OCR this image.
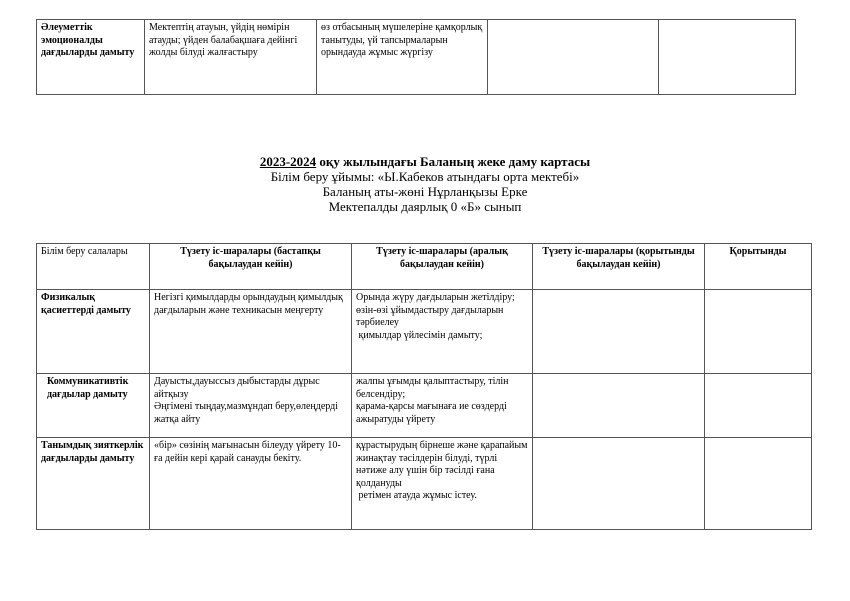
Әлеуметтік эмоционалды дағдыларды дамыту	Мектептің атауын, үйдің нөмірін атауды; үйден балабақшаға дейінгі жолды білуді жалғастыру	өз отбасының мүшелеріне қамқорлық танытуды, үй тапсырмаларын орындауда жұмыс жүргізу		
2023-2024 оқу жылындағы Баланың жеке даму картасы
Білім беру ұйымы: «Ы.Кабеков атындағы орта мектебі»
Баланың аты-жөні Нұрланқызы Ерке
Мектепалды даярлық 0 «Б» сынып
Білім беру салалары	Түзету іс-шаралары (бастапқы бақылаудан кейін)	Түзету іс-шаралары (аралық бақылаудан кейін)	Түзету іс-шаралары (қорытынды бақылаудан кейін)	Қорытынды
Физикалық қасиеттерді дамыту	Негізгі қимылдарды орындаудың қимылдық дағдыларын және техникасын меңгерту	Орында жүру дағдыларын жетілдіру;
өзін-өзі ұйымдастыру дағдыларын тәрбиелеу
қимылдар үйлесімін дамыту;		

Коммуникативтік дағдылар дамыту	Дауысты,дауыссыз дыбыстарды дұрыс айтқызу
Әңгімені тыңдау,мазмұндап беру,өлеңдерді жатқа айту	жалпы ұғымды қалыптастыру, тілін белсендіру;
қарама-қарсы мағынаға ие сөздерді ажыратуды үйрету		

Танымдық зияткерлік дағдыларды дамыту	«бір» сөзінің мағынасын білеуду үйрету 10-ға дейін кері қарай санауды бекіту.	құрастырудың бірнеше және қарапайым жинақтау тәсілдерін білуді, түрлі нәтиже алу үшін бір тәсілді ғана қолдануды
ретімен атауда жұмыс істеу.		
